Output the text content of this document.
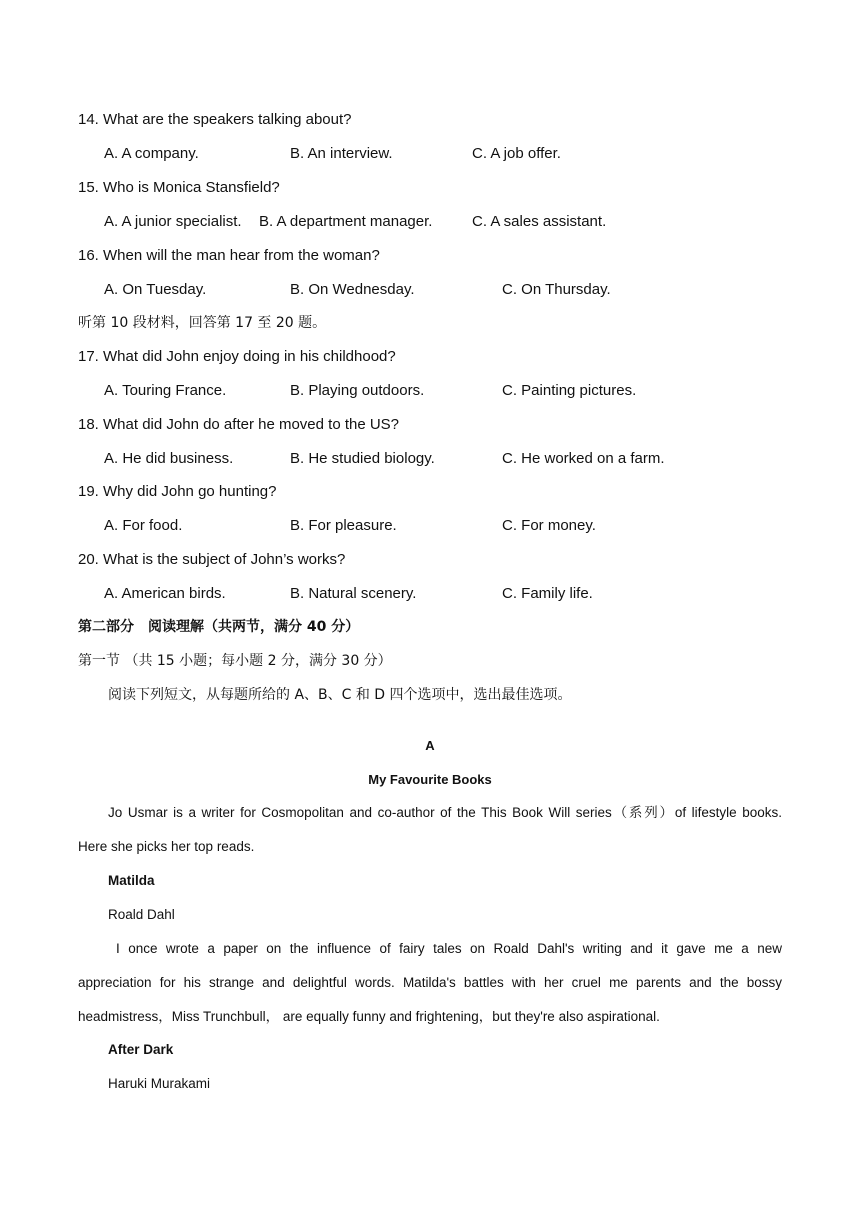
14. What are the speakers talking about?
A. A company.	B. An interview.	C. A job offer.
15. Who is Monica Stansfield?
A. A junior specialist. B. A department manager.	C. A sales assistant.
16. When will the man hear from the woman?
A. On Tuesday.	B. On Wednesday.	C. On Thursday.
听第 10 段材料，回答第 17 至 20 题。
17. What did John enjoy doing in his childhood?
A. Touring France.	B. Playing outdoors.	C. Painting pictures.
18. What did John do after he moved to the US?
A. He did business.	B. He studied biology.	C. He worked on a farm.
19. Why did John go hunting?
A. For food.	B. For pleasure.	C. For money.
20. What is the subject of John’s works?
A. American birds.	B. Natural scenery.	C. Family life.
第二部分　阅读理解（共两节，满分 40 分）
第一节 （共 15 小题；每小题 2 分，满分 30 分）
阅读下列短文，从每题所给的 A、B、C 和 D 四个选项中，选出最佳选项。
A
My Favourite Books
Jo Usmar is a writer for Cosmopolitan and co-author of the This Book Will series（系列）of lifestyle books.
Here she picks her top reads.
Matilda
Roald Dahl
I once wrote a paper on the influence of fairy tales on Roald Dahl's writing and it gave me a new
appreciation for his strange and delightful words. Matilda's battles with her cruel me parents and the bossy
headmistress，Miss Trunchbull， are equally funny and frightening，but they're also aspirational.
After Dark
Haruki Murakami
